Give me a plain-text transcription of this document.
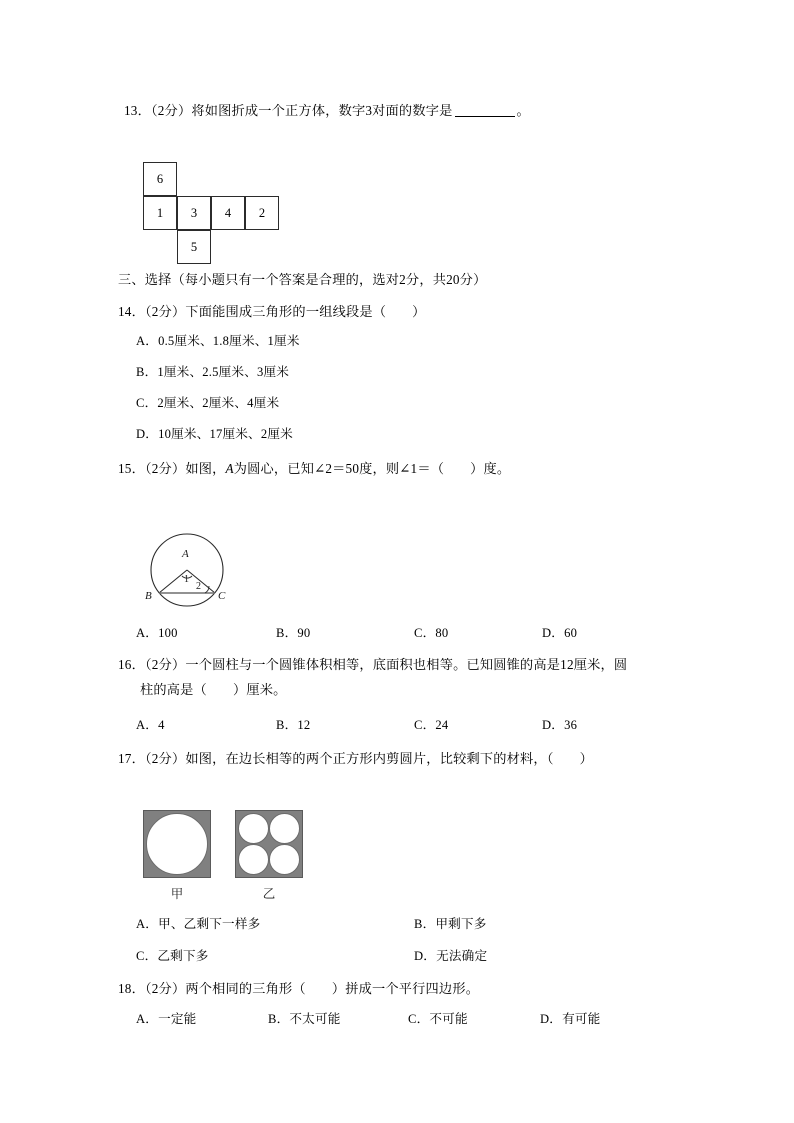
13．（2分）将如图折成一个正方体，数字3对面的数字是	。
6
1	3	4	2
5
三、选择（每小题只有一个答案是合理的，选对2分，共20分）
14．（2分）下面能围成三角形的一组线段是（ ）
A．0.5厘米、1.8厘米、1厘米
B．1厘米、2.5厘米、3厘米
C．2厘米、2厘米、4厘米
D．10厘米、17厘米、2厘米
15．（2分）如图，A为圆心，已知∠2＝50度，则∠1＝（ ）度。
A
B	C
1
2
A．100	B．90	C．80	D．60
16．（2分）一个圆柱与一个圆锥体积相等，底面积也相等。已知圆锥的高是12厘米，圆
柱的高是（ ）厘米。
A．4	B．12	C．24	D．36
17．（2分）如图，在边长相等的两个正方形内剪圆片，比较剩下的材料，（ ）
甲	乙
A．甲、乙剩下一样多	B．甲剩下多
C．乙剩下多	D．无法确定
18．（2分）两个相同的三角形（ ）拼成一个平行四边形。
A．一定能	B．不太可能	C．不可能	D．有可能
